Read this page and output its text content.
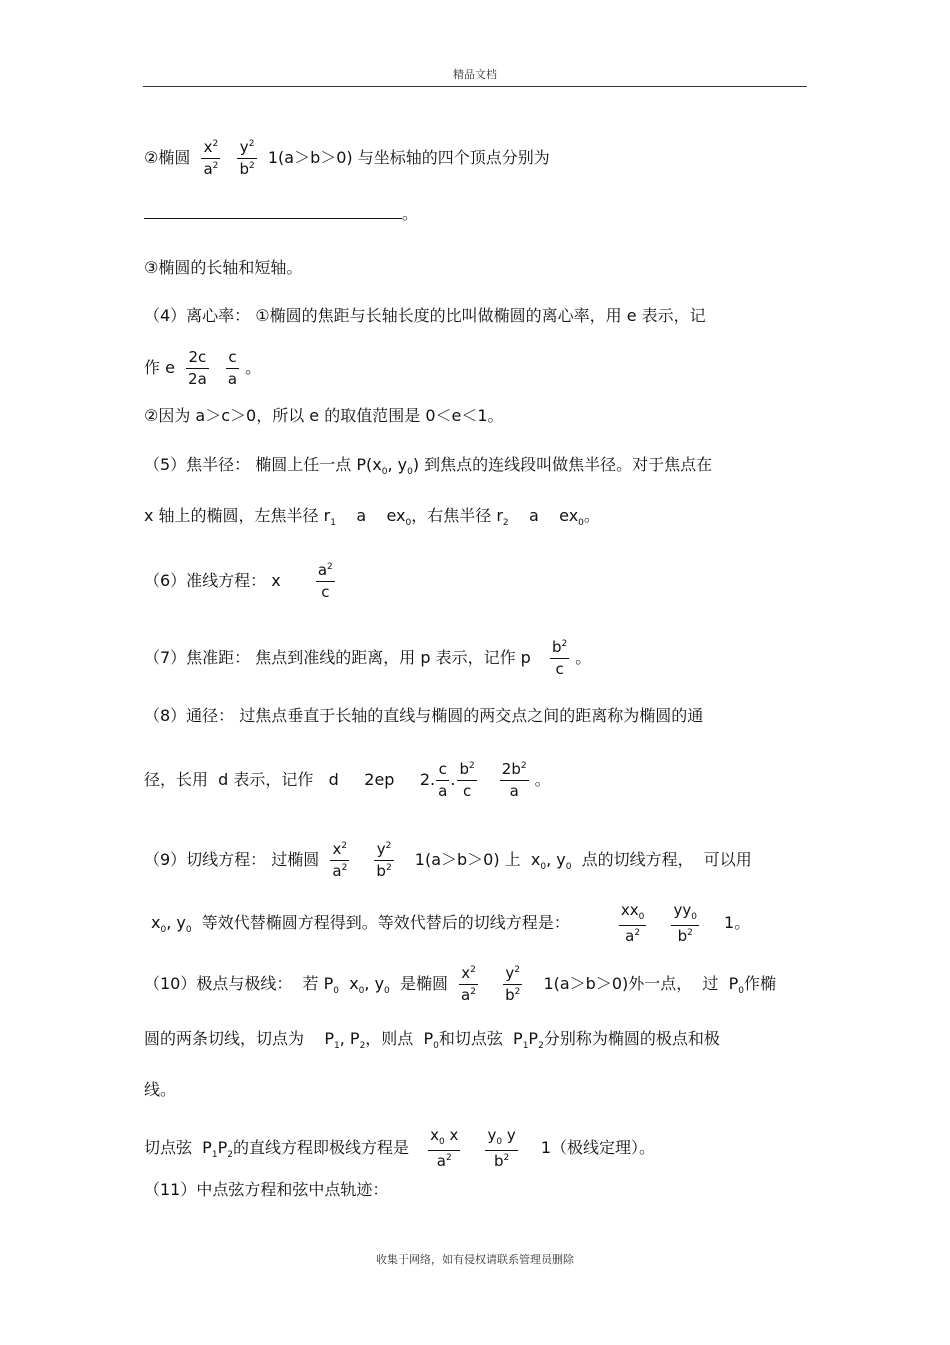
精品文档
②椭圆 $\frac{x^2}{a^2}$
$\frac{y^2}{b^2} 1(a>b>0)$ 与坐标轴的四个顶点分别为
。
③椭圆的长轴和短轴。
（4）离心率： ①椭圆的焦距与长轴长度的比叫做椭圆的离心率，用 e 表示，记
作 e $\frac{2c}{2a}$
$\frac{c}{a}$ 。
②因为 a＞c＞0，所以 e 的取值范围是 0＜e＜1。
（5）焦半径： 椭圆上任一点 $P(x_0$, $y_0$) 到焦点的连线段叫做焦半径。对于焦点在
x 轴上的椭圆，左焦半径 $r_1$    a    $ex_0$，右焦半径 $r_2$    a    $ex_0$。
（6）准线方程： x $\frac{a^2}{c}$
（7）焦准距： 焦点到准线的距离，用 p 表示，记作 p $\frac{b^2}{c}$ 。
（8）通径： 过焦点垂直于长轴的直线与椭圆的两交点之间的距离称为椭圆的通
径，长用  d 表示，记作   d     2ep     2. $\frac{c}{a}$ . $\frac{b^2}{c}$
$\frac{2b^2}{a}$ 。
（9）切线方程： 过椭圆 $\frac{x^2}{a^2}$
$\frac{y^2}{b^2} 1(a>b>0)$ 上  $x_0$, $y_0$  点的切线方程，  可以用
$x_0$, $y_0$  等效代替椭圆方程得到。等效代替后的切线方程是：	$\frac{xx_0}{a^2}$
$\frac{yy_0}{b^2} 1$。
（10）极点与极线：  若 $P_0$  $x_0$, $y_0$  是椭圆 $\frac{x^2}{a^2}$
$\frac{y^2}{b^2} 1(a>b>0)$外一点，  过  $P_0$作椭
圆的两条切线，切点为    $P_1$, $P_2$，则点  $P_0$和切点弦  $P_1P_2$分别称为椭圆的极点和极
线。
切点弦  $P_1P_2$的直线方程即极线方程是 $\frac{x_0 x}{a^2}$
$\frac{y_0 y}{b^2} 1$（极线定理）。
（11）中点弦方程和弦中点轨迹：
收集于网络，如有侵权请联系管理员删除
